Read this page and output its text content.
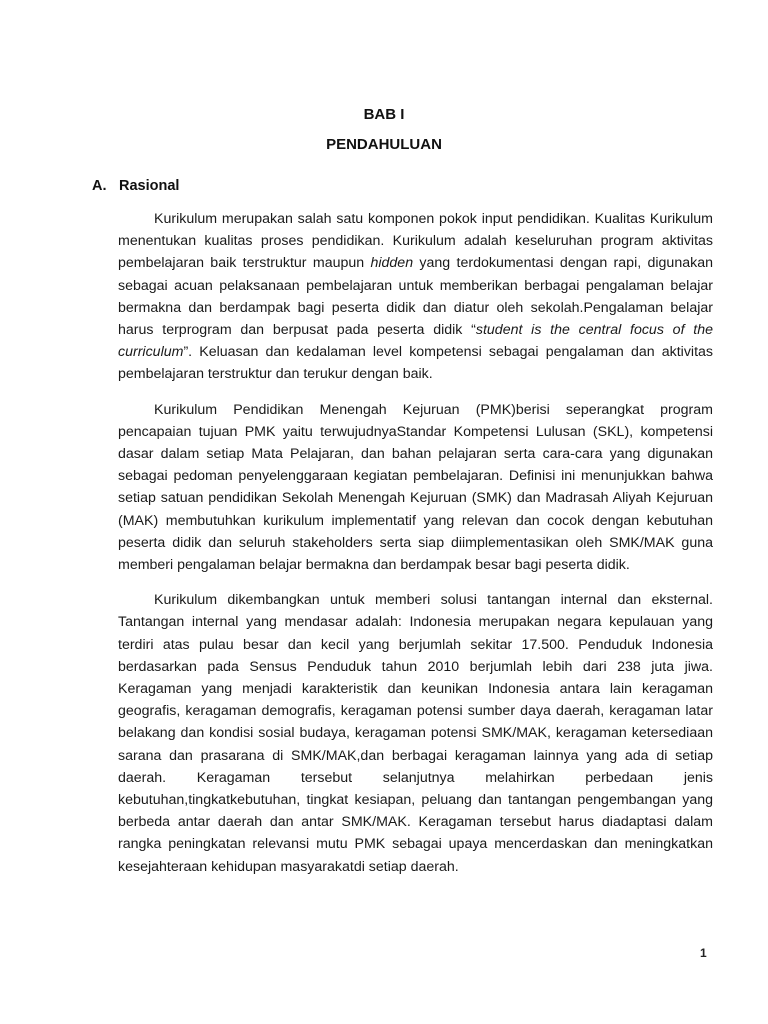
BAB I
PENDAHULUAN
A. Rasional

Kurikulum merupakan salah satu komponen pokok input pendidikan. Kualitas Kurikulum menentukan kualitas proses pendidikan. Kurikulum adalah keseluruhan program aktivitas pembelajaran baik terstruktur maupun hidden yang terdokumentasi dengan rapi, digunakan sebagai acuan pelaksanaan pembelajaran untuk memberikan berbagai pengalaman belajar bermakna dan berdampak bagi peserta didik dan diatur oleh sekolah.Pengalaman belajar harus terprogram dan berpusat pada peserta didik “student is the central focus of the curriculum”. Keluasan dan kedalaman level kompetensi sebagai pengalaman dan aktivitas pembelajaran terstruktur dan terukur dengan baik.

Kurikulum Pendidikan Menengah Kejuruan (PMK)berisi seperangkat program pencapaian tujuan PMK yaitu terwujudnyaStandar Kompetensi Lulusan (SKL), kompetensi dasar dalam setiap Mata Pelajaran, dan bahan pelajaran serta cara-cara yang digunakan sebagai pedoman penyelenggaraan kegiatan pembelajaran. Definisi ini menunjukkan bahwa setiap satuan pendidikan Sekolah Menengah Kejuruan (SMK) dan Madrasah Aliyah Kejuruan (MAK) membutuhkan kurikulum implementatif yang relevan dan cocok dengan kebutuhan peserta didik dan seluruh stakeholders serta siap diimplementasikan oleh SMK/MAK guna memberi pengalaman belajar bermakna dan berdampak besar bagi peserta didik.

Kurikulum dikembangkan untuk memberi solusi tantangan internal dan eksternal. Tantangan internal yang mendasar adalah: Indonesia merupakan negara kepulauan yang terdiri atas pulau besar dan kecil yang berjumlah sekitar 17.500. Penduduk Indonesia berdasarkan pada Sensus Penduduk tahun 2010 berjumlah lebih dari 238 juta jiwa. Keragaman yang menjadi karakteristik dan keunikan Indonesia antara lain keragaman geografis, keragaman demografis, keragaman potensi sumber daya daerah, keragaman latar belakang dan kondisi sosial budaya, keragaman potensi SMK/MAK, keragaman ketersediaan sarana dan prasarana di SMK/MAK,dan berbagai keragaman lainnya yang ada di setiap daerah. Keragaman tersebut selanjutnya melahirkan perbedaan jenis kebutuhan,tingkatkebutuhan, tingkat kesiapan, peluang dan tantangan pengembangan yang berbeda antar daerah dan antar SMK/MAK. Keragaman tersebut harus diadaptasi dalam rangka peningkatan relevansi mutu PMK sebagai upaya mencerdaskan dan meningkatkan kesejahteraan kehidupan masyarakatdi setiap daerah.

1
